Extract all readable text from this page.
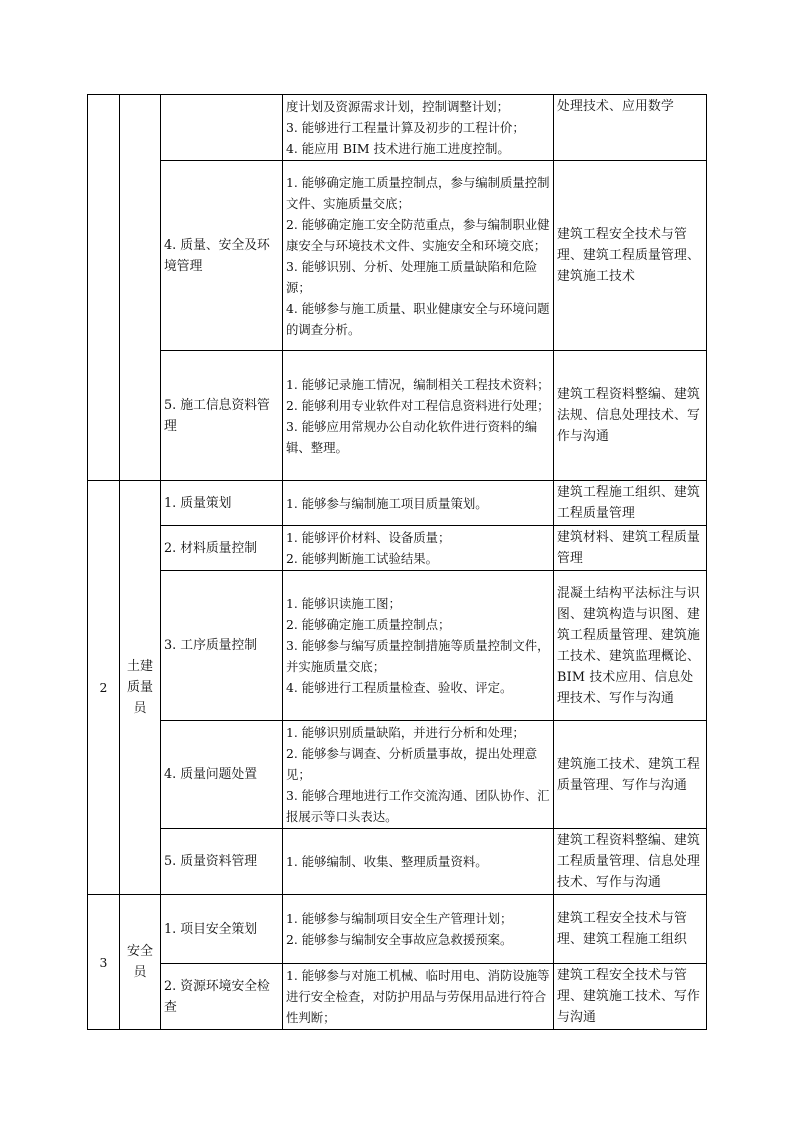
			度计划及资源需求计划，控制调整计划；
3. 能够进行工程量计算及初步的工程计价；
4. 能应用 BIM 技术进行施工进度控制。	处理技术、应用数学
		4. 质量、安全及环境管理	1. 能够确定施工质量控制点，参与编制质量控制文件、实施质量交底；
2. 能够确定施工安全防范重点，参与编制职业健康安全与环境技术文件、实施安全和环境交底；
3. 能够识别、分析、处理施工质量缺陷和危险源；
4. 能够参与施工质量、职业健康安全与环境问题的调查分析。	建筑工程安全技术与管理、建筑工程质量管理、建筑施工技术
		5. 施工信息资料管理	1. 能够记录施工情况，编制相关工程技术资料；
2. 能够利用专业软件对工程信息资料进行处理；
3. 能够应用常规办公自动化软件进行资料的编辑、整理。	建筑工程资料整编、建筑法规、信息处理技术、写作与沟通
2	土建质量员	1. 质量策划	1. 能够参与编制施工项目质量策划。	建筑工程施工组织、建筑工程质量管理
		2. 材料质量控制	1. 能够评价材料、设备质量；
2. 能够判断施工试验结果。	建筑材料、建筑工程质量管理
		3. 工序质量控制	1. 能够识读施工图；
2. 能够确定施工质量控制点；
3. 能够参与编写质量控制措施等质量控制文件，并实施质量交底；
4. 能够进行工程质量检查、验收、评定。	混凝土结构平法标注与识图、建筑构造与识图、建筑工程质量管理、建筑施工技术、建筑监理概论、BIM 技术应用、信息处理技术、写作与沟通
		4. 质量问题处置	1. 能够识别质量缺陷，并进行分析和处理；
2. 能够参与调查、分析质量事故，提出处理意见；
3. 能够合理地进行工作交流沟通、团队协作、汇报展示等口头表达。	建筑施工技术、建筑工程质量管理、写作与沟通
		5. 质量资料管理	1. 能够编制、收集、整理质量资料。	建筑工程资料整编、建筑工程质量管理、信息处理技术、写作与沟通
3	安全员	1. 项目安全策划	1. 能够参与编制项目安全生产管理计划；
2. 能够参与编制安全事故应急救援预案。	建筑工程安全技术与管理、建筑工程施工组织
		2. 资源环境安全检查	1. 能够参与对施工机械、临时用电、消防设施等进行安全检查，对防护用品与劳保用品进行符合性判断；	建筑工程安全技术与管理、建筑施工技术、写作与沟通
